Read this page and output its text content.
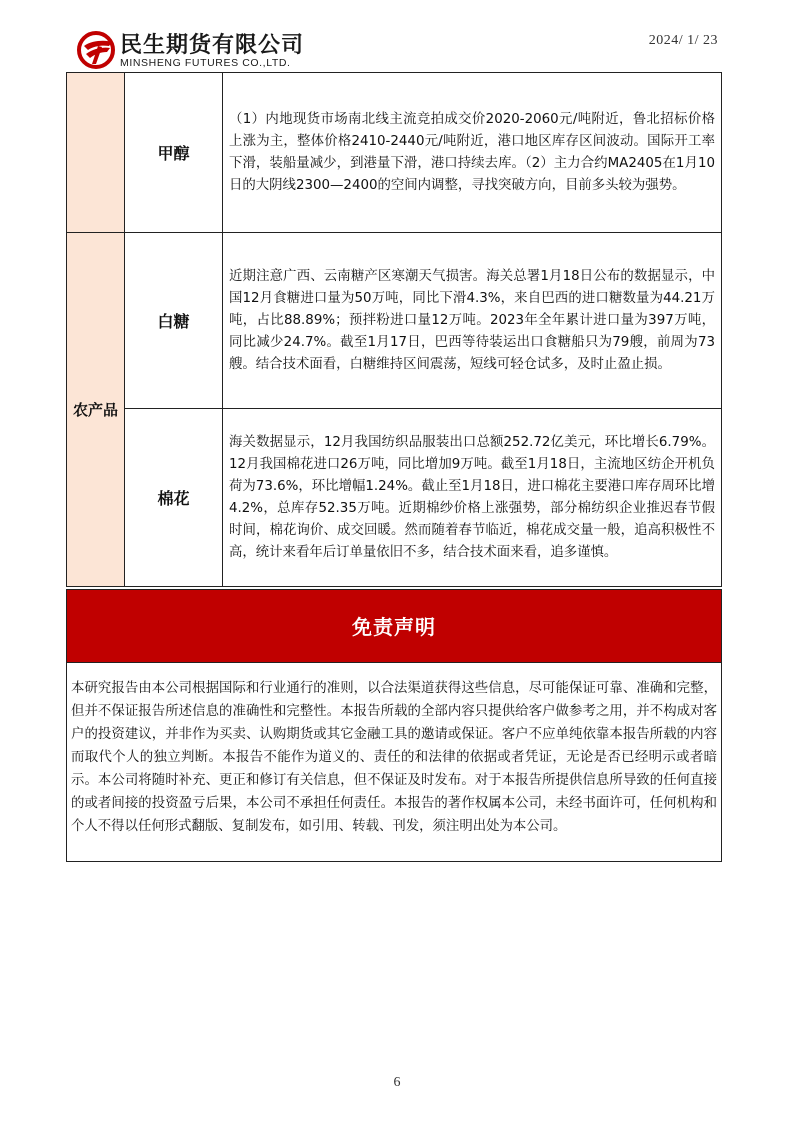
民生期货有限公司
MINSHENG FUTURES CO.,LTD.
2024/ 1/ 23
	甲醇	（1）内地现货市场南北线主流竞拍成交价2020-2060元/吨附近，鲁北招标价格上涨为主，整体价格2410-2440元/吨附近，港口地区库存区间波动。国际开工率下滑，装船量减少，到港量下滑，港口持续去库。（2）主力合约MA2405在1月10日的大阴线2300—2400的空间内调整，寻找突破方向，目前多头较为强势。
农产品	白糖	近期注意广西、云南糖产区寒潮天气损害。海关总署1月18日公布的数据显示，中国12月食糖进口量为50万吨，同比下滑4.3%，来自巴西的进口糖数量为44.21万吨，占比88.89%；预拌粉进口量12万吨。2023年全年累计进口量为397万吨，同比减少24.7%。截至1月17日，巴西等待装运出口食糖船只为79艘，前周为73艘。结合技术面看，白糖维持区间震荡，短线可轻仓试多，及时止盈止损。
	棉花	海关数据显示，12月我国纺织品服装出口总额252.72亿美元，环比增长6.79%。12月我国棉花进口26万吨，同比增加9万吨。截至1月18日，主流地区纺企开机负荷为73.6%，环比增幅1.24%。截止至1月18日，进口棉花主要港口库存周环比增4.2%，总库存52.35万吨。近期棉纱价格上涨强势，部分棉纺织企业推迟春节假时间，棉花询价、成交回暖。然而随着春节临近，棉花成交量一般，追高积极性不高，统计来看年后订单量依旧不多，结合技术面来看，追多谨慎。
免责声明
本研究报告由本公司根据国际和行业通行的准则，以合法渠道获得这些信息，尽可能保证可靠、准确和完整，但并不保证报告所述信息的准确性和完整性。本报告所载的全部内容只提供给客户做参考之用，并不构成对客户的投资建议，并非作为买卖、认购期货或其它金融工具的邀请或保证。客户不应单纯依靠本报告所载的内容而取代个人的独立判断。本报告不能作为道义的、责任的和法律的依据或者凭证，无论是否已经明示或者暗示。本公司将随时补充、更正和修订有关信息，但不保证及时发布。对于本报告所提供信息所导致的任何直接的或者间接的投资盈亏后果，本公司不承担任何责任。本报告的著作权属本公司，未经书面许可，任何机构和个人不得以任何形式翻版、复制发布，如引用、转载、刊发，须注明出处为本公司。
6
